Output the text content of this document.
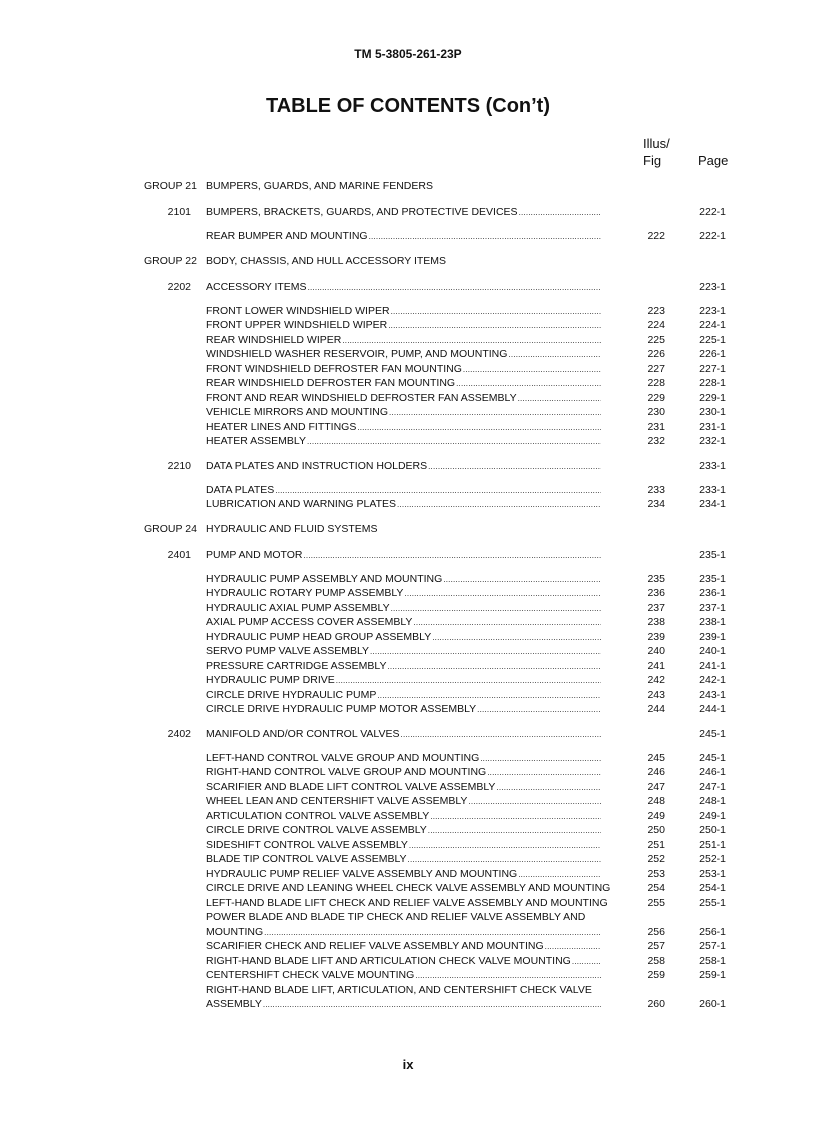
TM 5-3805-261-23P
TABLE OF CONTENTS (Con’t)
Illus/
Fig	Page
GROUP 21 BUMPERS, GUARDS, AND MARINE FENDERS
2101 BUMPERS, BRACKETS, GUARDS, AND PROTECTIVE DEVICES .....	222-1
REAR BUMPER AND MOUNTING .....	222	222-1
GROUP 22 BODY, CHASSIS, AND HULL ACCESSORY ITEMS
2202 ACCESSORY ITEMS .....	223-1
FRONT LOWER WINDSHIELD WIPER .....	223	223-1
FRONT UPPER WINDSHIELD WIPER .....	224	224-1
REAR WINDSHIELD WIPER .....	225	225-1
WINDSHIELD WASHER RESERVOIR, PUMP, AND MOUNTING .....	226	226-1
FRONT WINDSHIELD DEFROSTER FAN MOUNTING .....	227	227-1
REAR WINDSHIELD DEFROSTER FAN MOUNTING .....	228	228-1
FRONT AND REAR WINDSHIELD DEFROSTER FAN ASSEMBLY .....	229	229-1
VEHICLE MIRRORS AND MOUNTING .....	230	230-1
HEATER LINES AND FITTINGS .....	231	231-1
HEATER ASSEMBLY .....	232	232-1
2210 DATA PLATES AND INSTRUCTION HOLDERS .....	233-1
DATA PLATES .....	233	233-1
LUBRICATION AND WARNING PLATES .....	234	234-1
GROUP 24 HYDRAULIC AND FLUID SYSTEMS
2401 PUMP AND MOTOR .....	235-1
HYDRAULIC PUMP ASSEMBLY AND MOUNTING .....	235	235-1
HYDRAULIC ROTARY PUMP ASSEMBLY .....	236	236-1
HYDRAULIC AXIAL PUMP ASSEMBLY .....	237	237-1
AXIAL PUMP ACCESS COVER ASSEMBLY .....	238	238-1
HYDRAULIC PUMP HEAD GROUP ASSEMBLY .....	239	239-1
SERVO PUMP VALVE ASSEMBLY .....	240	240-1
PRESSURE CARTRIDGE ASSEMBLY .....	241	241-1
HYDRAULIC PUMP DRIVE .....	242	242-1
CIRCLE DRIVE HYDRAULIC PUMP .....	243	243-1
CIRCLE DRIVE HYDRAULIC PUMP MOTOR ASSEMBLY .....	244	244-1
2402 MANIFOLD AND/OR CONTROL VALVES .....	245-1
LEFT-HAND CONTROL VALVE GROUP AND MOUNTING .....	245	245-1
RIGHT-HAND CONTROL VALVE GROUP AND MOUNTING .....	246	246-1
SCARIFIER AND BLADE LIFT CONTROL VALVE ASSEMBLY .....	247	247-1
WHEEL LEAN AND CENTERSHIFT VALVE ASSEMBLY .....	248	248-1
ARTICULATION CONTROL VALVE ASSEMBLY .....	249	249-1
CIRCLE DRIVE CONTROL VALVE ASSEMBLY .....	250	250-1
SIDESHIFT CONTROL VALVE ASSEMBLY .....	251	251-1
BLADE TIP CONTROL VALVE ASSEMBLY .....	252	252-1
HYDRAULIC PUMP RELIEF VALVE ASSEMBLY AND MOUNTING .....	253	253-1
CIRCLE DRIVE AND LEANING WHEEL CHECK VALVE ASSEMBLY AND MOUNTING	254	254-1
LEFT-HAND BLADE LIFT CHECK AND RELIEF VALVE ASSEMBLY AND MOUNTING	255	255-1
POWER BLADE AND BLADE TIP CHECK AND RELIEF VALVE ASSEMBLY AND
MOUNTING .....	256	256-1
SCARIFIER CHECK AND RELIEF VALVE ASSEMBLY AND MOUNTING .....	257	257-1
RIGHT-HAND BLADE LIFT AND ARTICULATION CHECK VALVE MOUNTING .....	258	258-1
CENTERSHIFT CHECK VALVE MOUNTING .....	259	259-1
RIGHT-HAND BLADE LIFT, ARTICULATION, AND CENTERSHIFT CHECK VALVE
ASSEMBLY .....	260	260-1
ix
